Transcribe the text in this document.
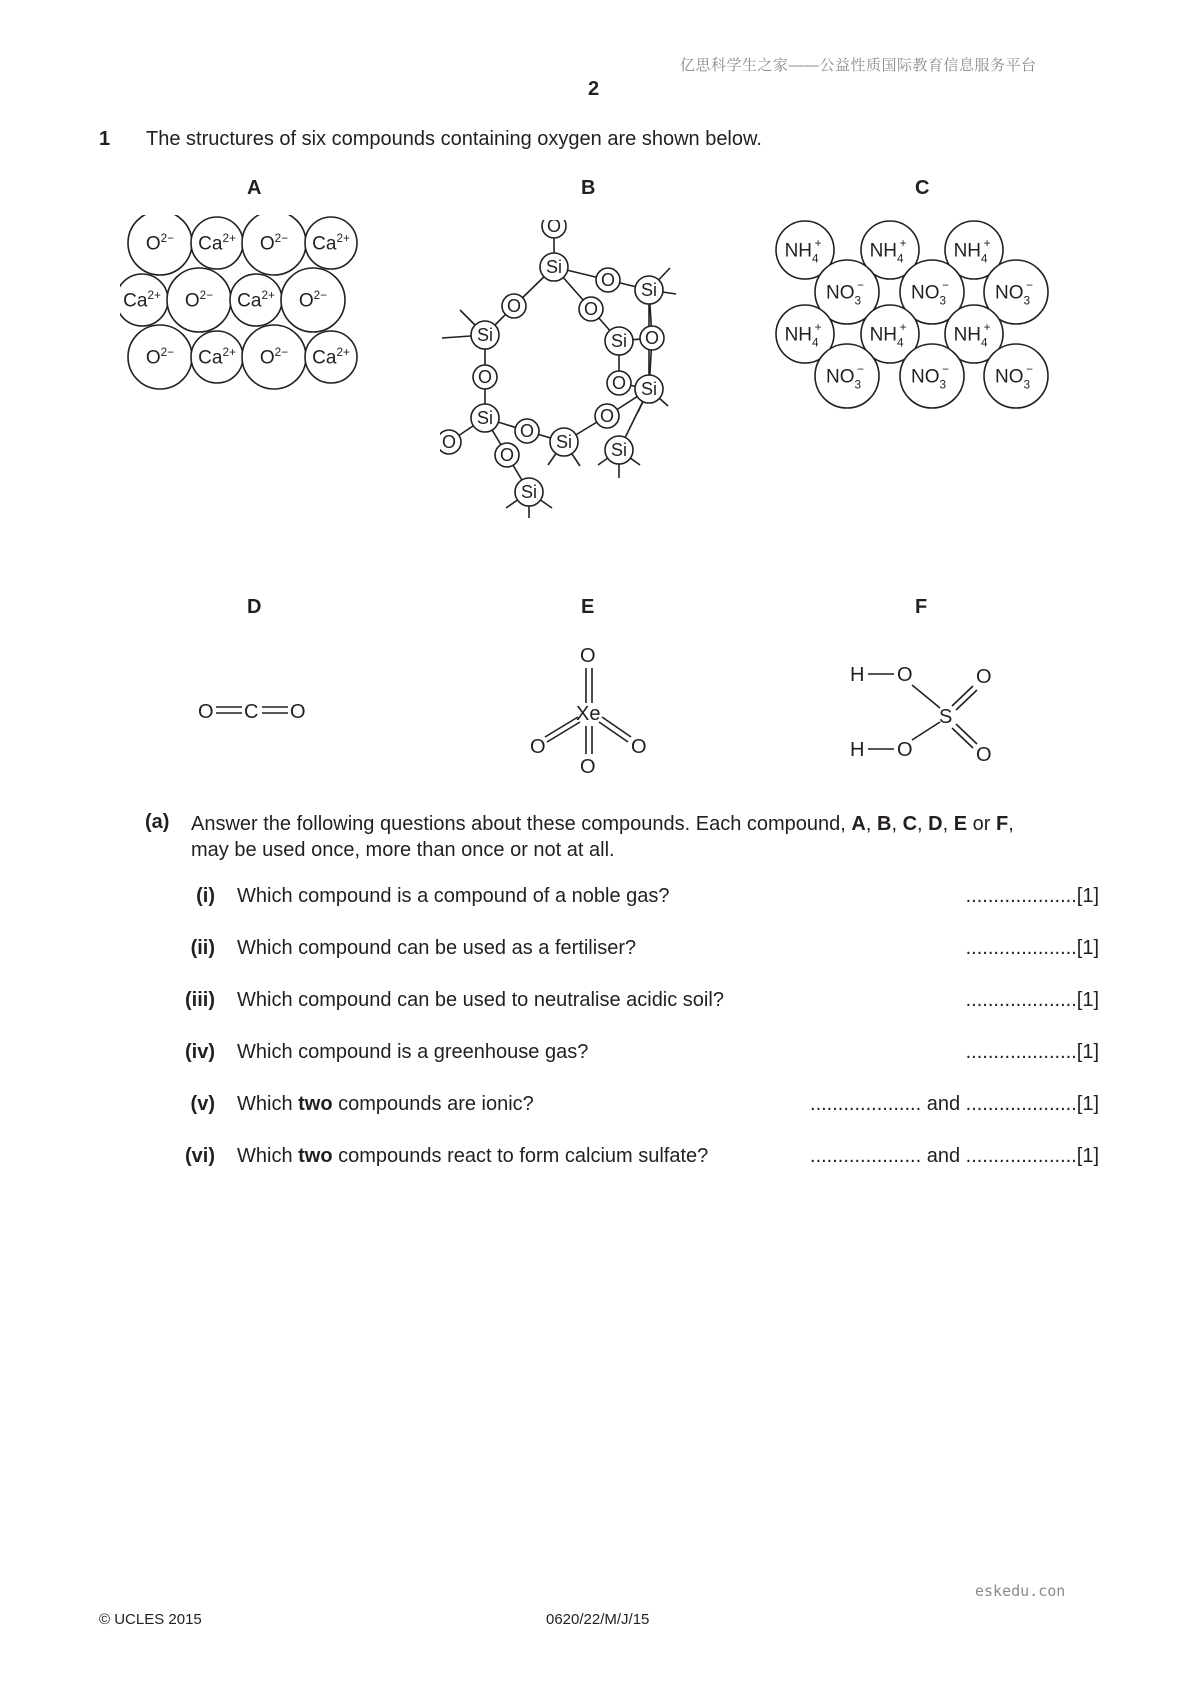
亿思科学生之家——公益性质国际教育信息服务平台
2
1 The structures of six compounds containing oxygen are shown below.
A	B	C
D	E	F
$O^{2-}$ $Ca^{2+}$ $O^{2-}$ $Ca^{2+}$
$Ca^{2+}$ $O^{2-}$ $Ca^{2+}$ $O^{2-}$
$O^{2-}$ $Ca^{2+}$ $O^{2-}$ $Ca^{2+}$
O
Si
O Si
O	O
Si O
Si
O	O Si
O
Si
O
O	Si
O	Si
Si
$NH_4+$	$NH_4+ NH_4+$
$NO_3- NO_3- NO_3-$
$NH_4+$	$NH_4+ NH_4+$
$NO_3- NO_3- NO_3-$
O C O
O
Xe
O
O	O
H O
H O
S
O
O
(a) Answer the following questions about these compounds. Each compound, A, B, C, D, E or F,
may be used once, more than once or not at all.
(i) Which compound is a compound of a noble gas?	....................[1]
(ii) Which compound can be used as a fertiliser?	....................[1]
(iii) Which compound can be used to neutralise acidic soil?	....................[1]
(iv) Which compound is a greenhouse gas?	....................[1]
(v) Which two compounds are ionic?	.................... and ....................[1]
(vi) Which two compounds react to form calcium sulfate?	.................... and ....................[1]
eskedu.con
© UCLES 2015	0620/22/M/J/15
